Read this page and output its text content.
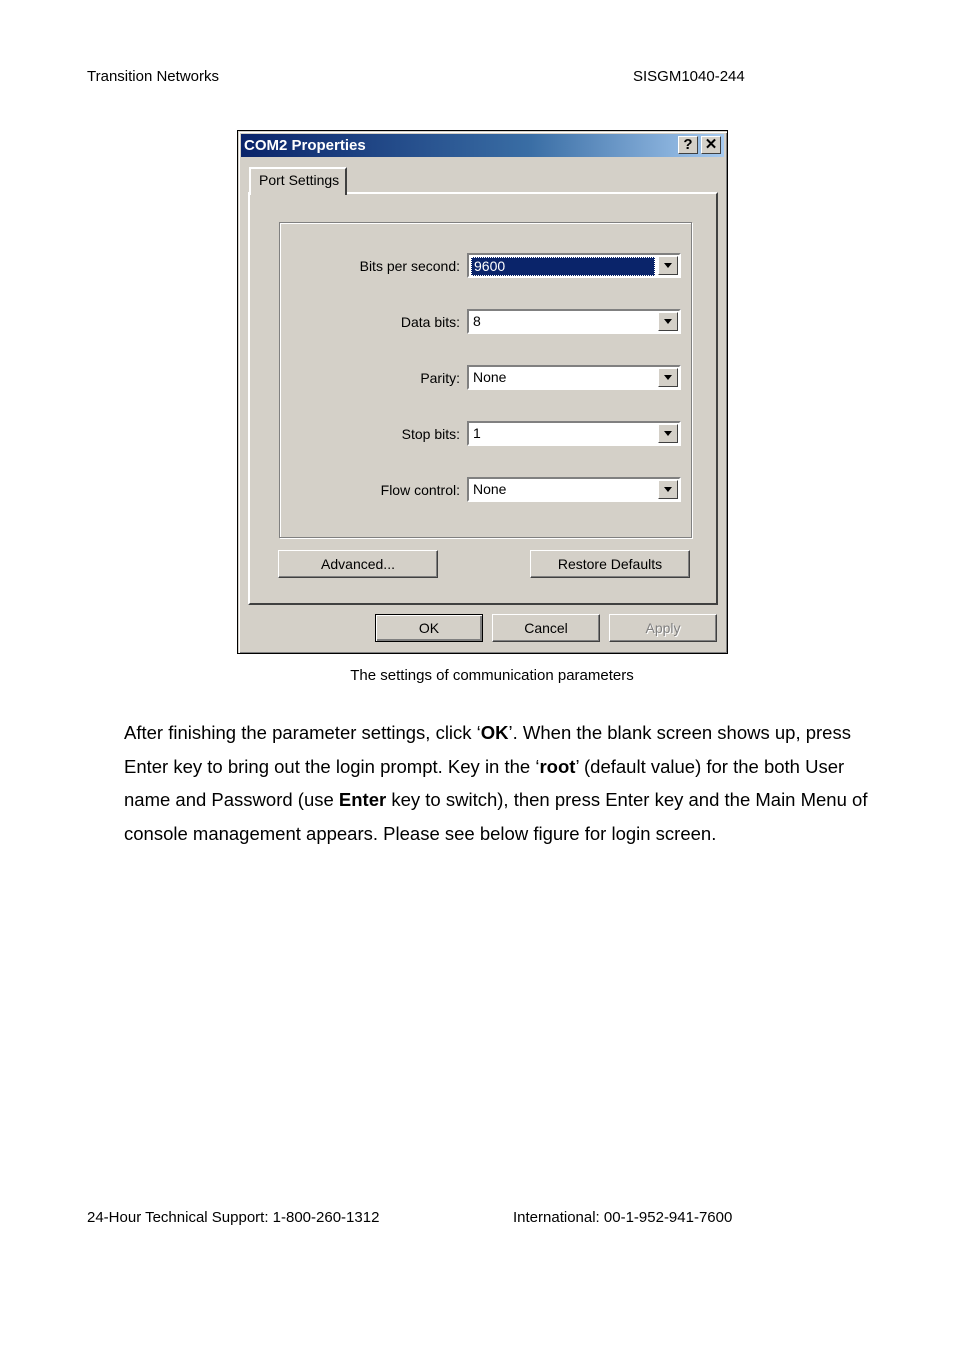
Transition Networks	SISGM1040-244
COM2 Properties	? ✕
Port Settings
Bits per second: 9600
Data bits: 8
Parity: None
Stop bits: 1
Flow control: None
Advanced...	Restore Defaults
OK	Cancel	Apply
The settings of communication parameters
After finishing the parameter settings, click ‘OK’. When the blank screen shows up, press Enter key to bring out the login prompt. Key in the ‘root’ (default value) for the both User name and Password (use Enter key to switch), then press Enter key and the Main Menu of console management appears. Please see below figure for login screen.
24-Hour Technical Support: 1-800-260-1312	International: 00-1-952-941-7600
